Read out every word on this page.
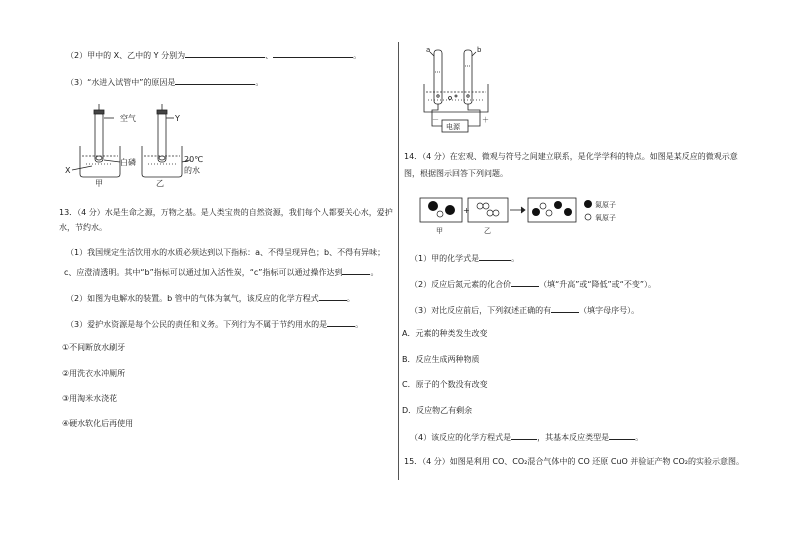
（2）甲中的 X、乙中的 Y 分别为	、	。
（3）“水进入试管中”的原因是	。
空气	Y
白磷	20℃
的水
X
甲	乙
13．（4 分）水是生命之源，万物之基。是人类宝贵的自然资源，我们每个人都要关心水，爱护
水，节约水。
（1）我国规定生活饮用水的水质必须达到以下指标：a、不得呈现异色；b、不得有异味；
c、应澄清透明。其中“b”指标可以通过加入活性炭，“c”指标可以通过操作达到	。
（2）如图为电解水的装置。b 管中的气体为氧气，该反应的化学方程式	。
（3）爱护水资源是每个公民的责任和义务。下列行为不属于节约用水的是	。
①不间断放水刷牙
②用洗衣水冲厕所
③用淘米水浇花
④硬水软化后再使用
a	b
电源
－	＋
14．（4 分）在宏观、微观与符号之间建立联系，是化学学科的特点。如图是某反应的微观示意
图，根据图示回答下列问题。
氮原子
氧原子
+
甲	乙
（1）甲的化学式是	。
（2）反应后氮元素的化合价	（填“升高”或“降低”或“不变”）。
（3）对比反应前后，下列叙述正确的有	（填字母序号）。
A．元素的种类发生改变
B．反应生成两种物质
C．原子的个数没有改变
D．反应物乙有剩余
（4）该反应的化学方程式是	，其基本反应类型是	。
15．（4 分）如图是利用 CO、CO₂混合气体中的 CO 还原 CuO 并验证产物 CO₂的实验示意图。
